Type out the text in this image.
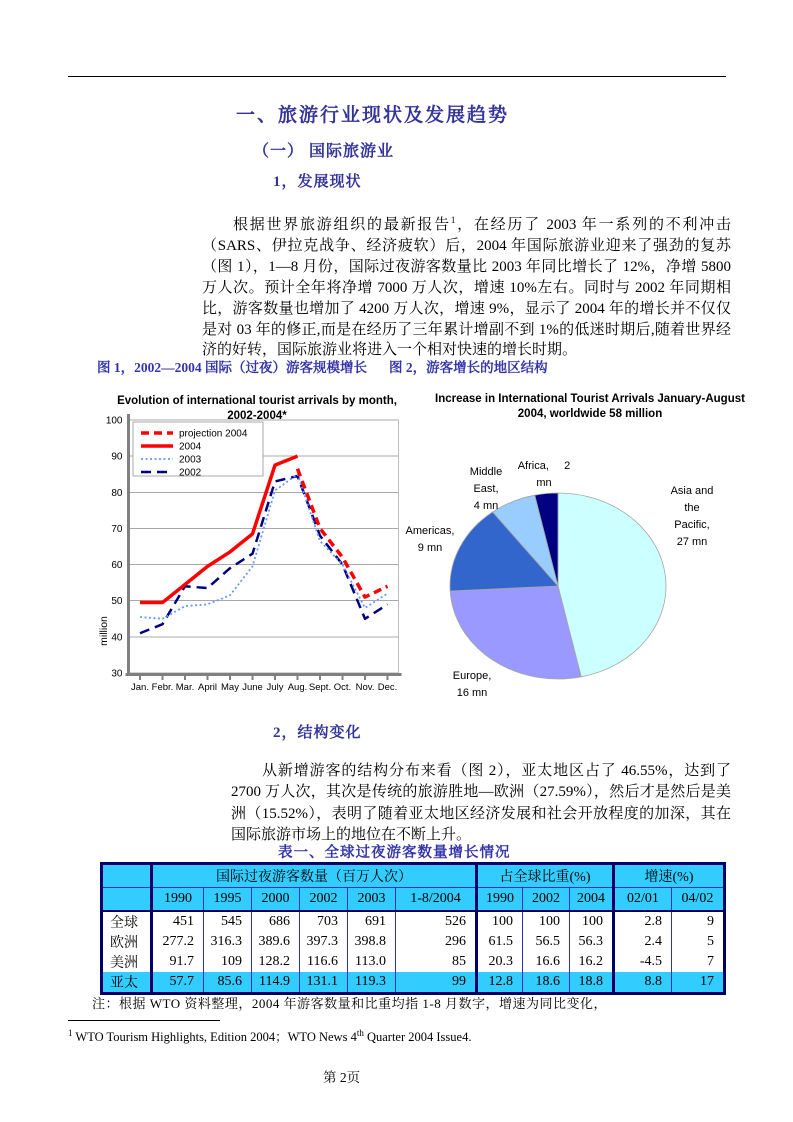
一、旅游行业现状及发展趋势
（一） 国际旅游业
1，发展现状

根据世界旅游组织的最新报告$^1$，在经历了 2003 年一系列的不利冲击（SARS、伊拉克战争、经济疲软）后，2004 年国际旅游业迎来了强劲的复苏（图 1），1—8 月份，国际过夜游客数量比 2003 年同比增长了 12%，净增 5800 万人次。预计全年将净增 7000 万人次，增速 10%左右。同时与 2002 年同期相比，游客数量也增加了 4200 万人次，增速 9%，显示了 2004 年的增长并不仅仅是对 03 年的修正,而是在经历了三年累计增副不到 1%的低迷时期后,随着世界经济的好转，国际旅游业将进入一个相对快速的增长时期。

图 1，2002—2004 国际（过夜）游客规模增长 图 2，游客增长的地区结构
30
40
50
60
70
80
90
100
Jan. Febr. Mar. April May June July Aug. Sept. Oct. Nov. Dec.
million
projection 2004
2004
2003
2002
Evolution of international tourist arrivals by month, 2002-2004*
Increase in International Tourist Arrivals January-August 2004, worldwide 58 million
Asia and
the
Pacific,
27 mn
Europe,
16 mn
Americas,
9 mn
Middle
East,
4 mn
Africa,     2
mn
2，结构变化

从新增游客的结构分布来看（图 2），亚太地区占了 46.55%，达到了 2700 万人次，其次是传统的旅游胜地—欧洲（27.59%），然后才是然后是美洲（15.52%），表明了随着亚太地区经济发展和社会开放程度的加深，其在国际旅游市场上的地位在不断上升。

表一、全球过夜游客数量增长情况
	国际过夜游客数量（百万人次）						占全球比重(%)			增速(%)	
	1990	1995	2000	2002	2003	1-8/2004	1990	2002	2004	02/01	04/02
全球	451	545	686	703	691	526	100	100	100	2.8	9
欧洲	277.2	316.3	389.6	397.3	398.8	296	61.5	56.5	56.3	2.4	5
美洲	91.7	109	128.2	116.6	113.0	85	20.3	16.6	16.2	-4.5	7
亚太	57.7	85.6	114.9	131.1	119.3	99	12.8	18.6	18.8	8.8	17
注：根据 WTO 资料整理，2004 年游客数量和比重均指 1-8 月数字，增速为同比变化，
$^1$ WTO Tourism Highlights, Edition 2004；WTO News 4th Quarter 2004 Issue4.
第 2页
